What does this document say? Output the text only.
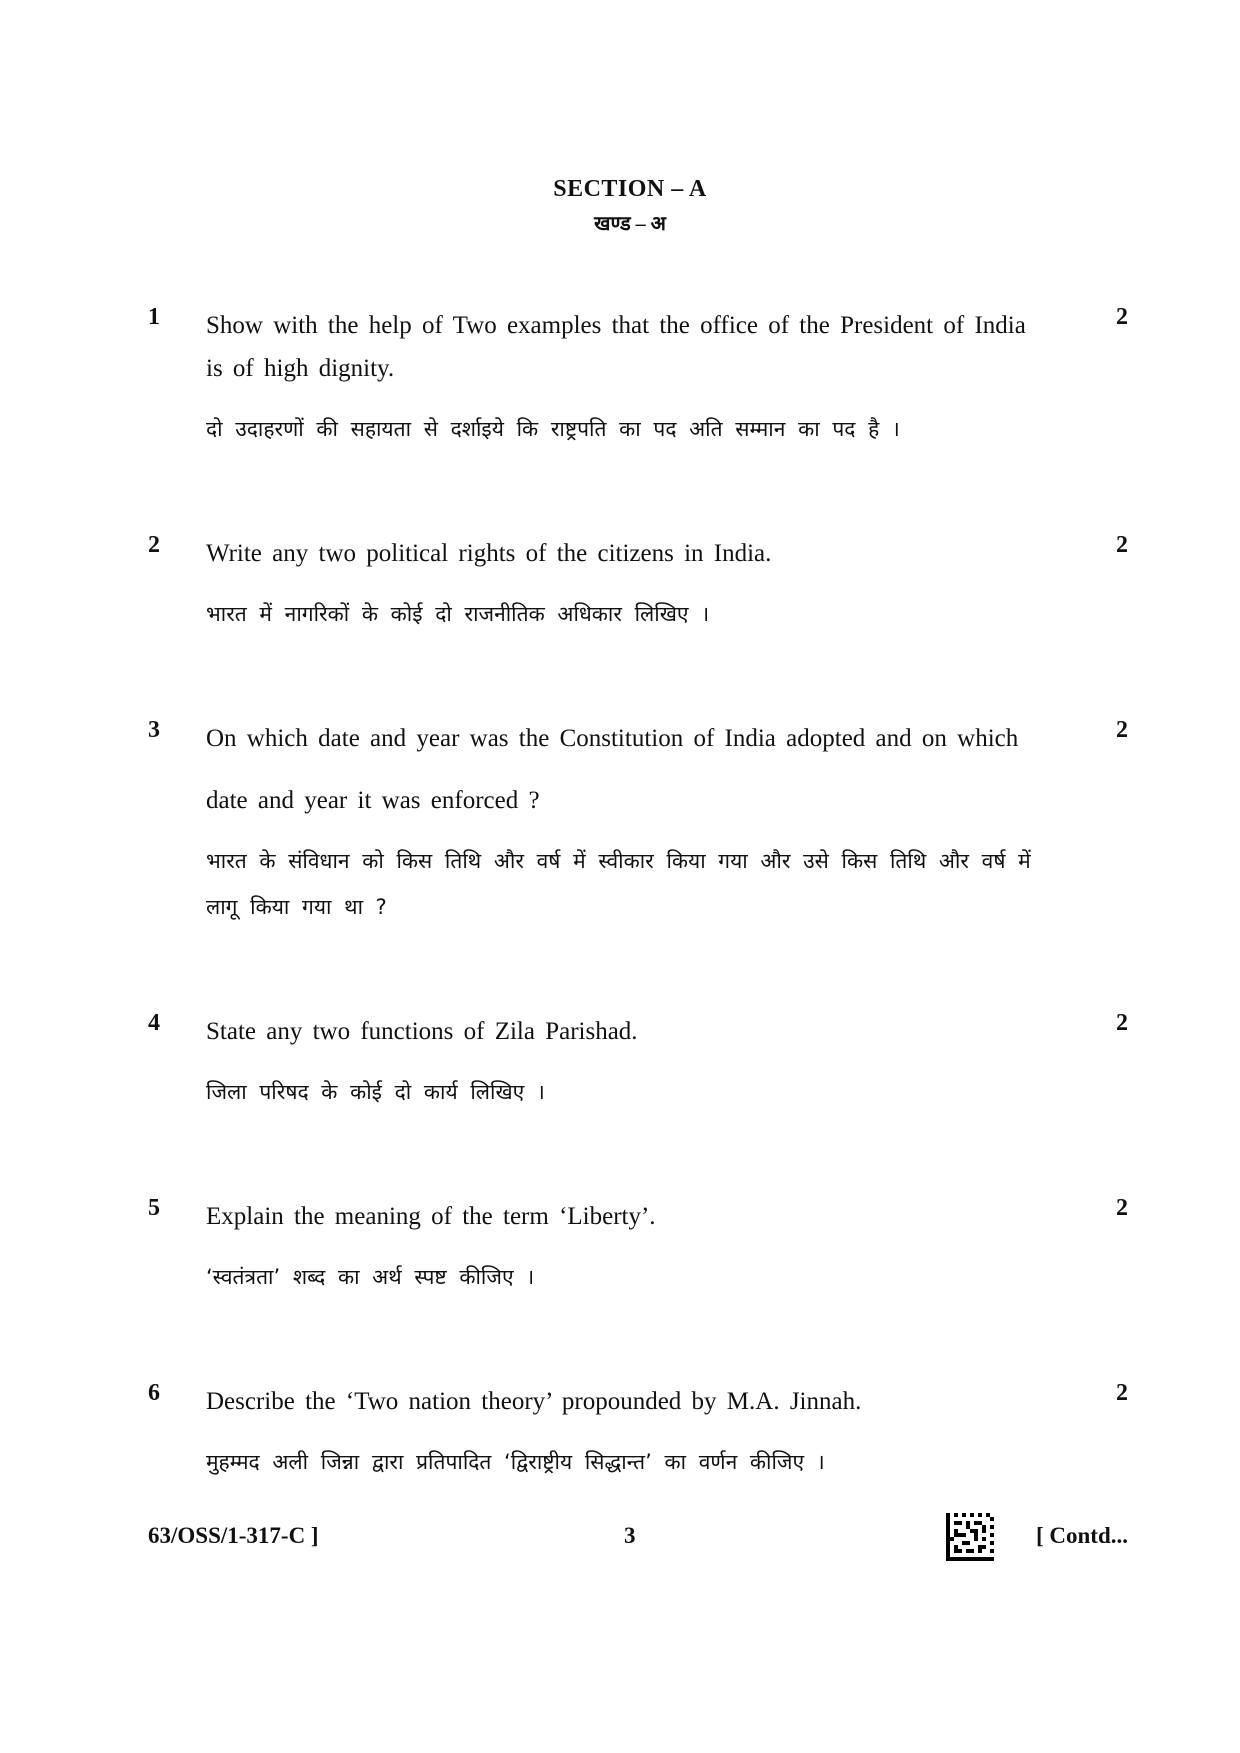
SECTION – A
खण्ड – अ
1	2
Show with the help of Two examples that the office of the President of India is of high dignity.
दो उदाहरणों की सहायता से दर्शाइये कि राष्ट्रपति का पद अति सम्मान का पद है ।
2	2
Write any two political rights of the citizens in India.
भारत में नागरिकों के कोई दो राजनीतिक अधिकार लिखिए ।
3	2
On which date and year was the Constitution of India adopted and on which date and year it was enforced ?
भारत के संविधान को किस तिथि और वर्ष में स्वीकार किया गया और उसे किस तिथि और वर्ष में लागू किया गया था ?
4	2
State any two functions of Zila Parishad.
जिला परिषद के कोई दो कार्य लिखिए ।
5	2
Explain the meaning of the term ‘Liberty’.
‘स्वतंत्रता’ शब्द का अर्थ स्पष्ट कीजिए ।
6	2
Describe the ‘Two nation theory’ propounded by M.A. Jinnah.
मुहम्मद अली जिन्ना द्वारा प्रतिपादित ‘द्विराष्ट्रीय सिद्धान्त’ का वर्णन कीजिए ।
63/OSS/1-317-C ]	3	[ Contd...
